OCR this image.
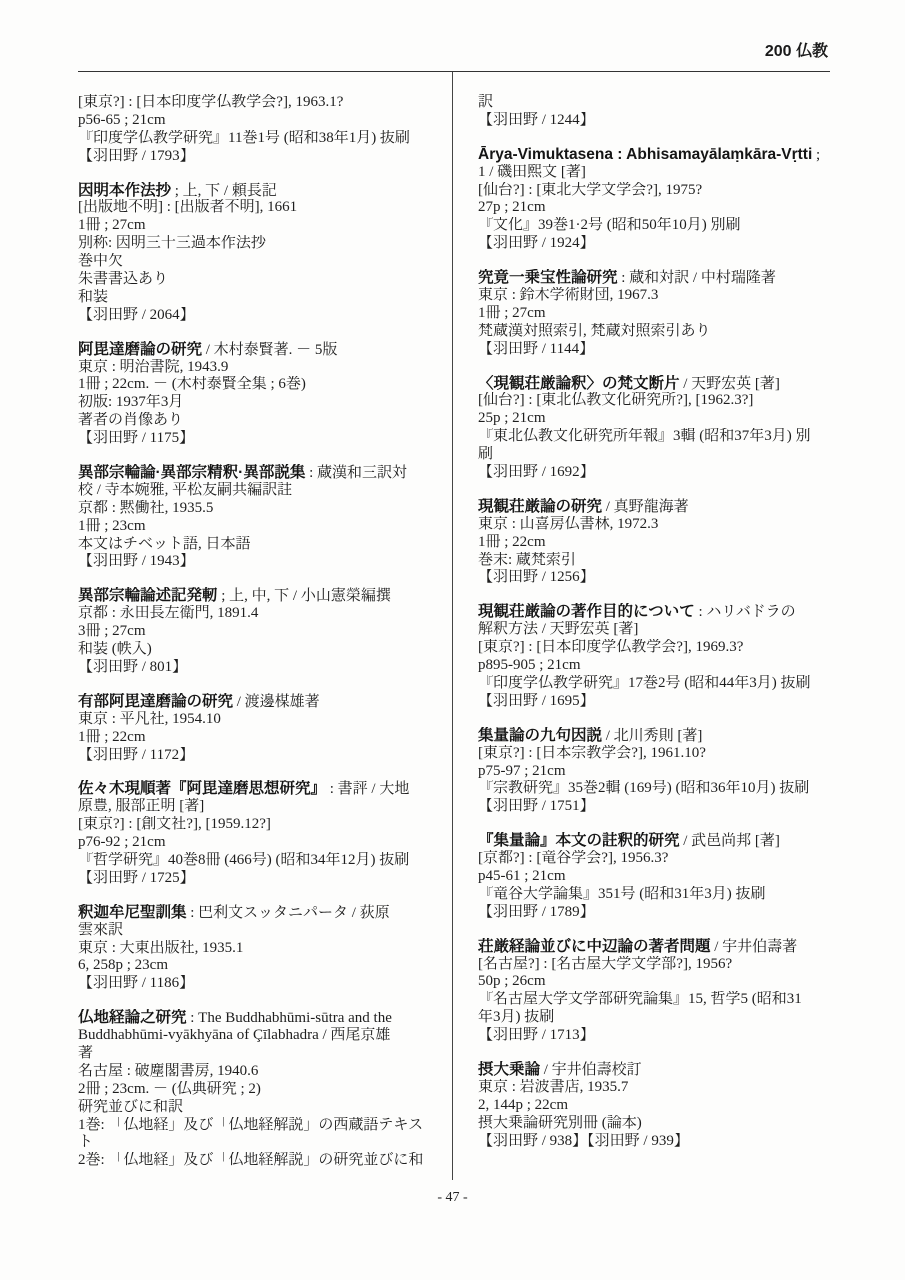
200 仏教
[東京?] : [日本印度学仏教学会?], 1963.1?
p56-65 ; 21cm
『印度学仏教学研究』11巻1号 (昭和38年1月) 抜刷
【羽田野 / 1793】
因明本作法抄 ; 上, 下 / 頼長記
[出版地不明] : [出版者不明], 1661
1冊 ; 27cm
別称: 因明三十三過本作法抄
巻中欠
朱書書込あり
和装
【羽田野 / 2064】
阿毘達磨論の研究 / 木村泰賢著. － 5版
東京 : 明治書院, 1943.9
1冊 ; 22cm. － (木村泰賢全集 ; 6巻)
初版: 1937年3月
著者の肖像あり
【羽田野 / 1175】
異部宗輪論·異部宗精釈·異部説集 : 蔵漢和三訳対
校 / 寺本婉雅, 平松友嗣共編訳註
京都 : 黙働社, 1935.5
1冊 ; 23cm
本文はチベット語, 日本語
【羽田野 / 1943】
異部宗輪論述記発軔 ; 上, 中, 下 / 小山憲榮編撰
京都 : 永田長左衛門, 1891.4
3冊 ; 27cm
和装 (帙入)
【羽田野 / 801】
有部阿毘達磨論の研究 / 渡邊楳雄著
東京 : 平凡社, 1954.10
1冊 ; 22cm
【羽田野 / 1172】
佐々木現順著『阿毘達磨思想研究』 : 書評 / 大地
原豊, 服部正明 [著]
[東京?] : [創文社?], [1959.12?]
p76-92 ; 21cm
『哲学研究』40巻8冊 (466号) (昭和34年12月) 抜刷
【羽田野 / 1725】
釈迦牟尼聖訓集 : 巴利文スッタニパータ / 荻原
雲來訳
東京 : 大東出版社, 1935.1
6, 258p ; 23cm
【羽田野 / 1186】
仏地経論之研究 : The Buddhabhūmi-sūtra and the
Buddhabhūmi-vyākhyāna of Çīlabhadra / 西尾京雄
著
名古屋 : 破塵閣書房, 1940.6
2冊 ; 23cm. － (仏典研究 ; 2)
研究並びに和訳
1巻: 「仏地経」及び「仏地経解説」の西蔵語テキス
ト
2巻: 「仏地経」及び「仏地経解説」の研究並びに和
訳
【羽田野 / 1244】
Ārya-Vimuktasena : Abhisamayālaṃkāra-Vṛtti ;
1 / 磯田熙文 [著]
[仙台?] : [東北大学文学会?], 1975?
27p ; 21cm
『文化』39巻1·2号 (昭和50年10月) 別刷
【羽田野 / 1924】
究竟一乗宝性論研究 : 蔵和対訳 / 中村瑞隆著
東京 : 鈴木学術財団, 1967.3
1冊 ; 27cm
梵蔵漢対照索引, 梵蔵対照索引あり
【羽田野 / 1144】
〈現観荘厳論釈〉の梵文断片 / 天野宏英 [著]
[仙台?] : [東北仏教文化研究所?], [1962.3?]
25p ; 21cm
『東北仏教文化研究所年報』3輯 (昭和37年3月) 別
刷
【羽田野 / 1692】
現観荘厳論の研究 / 真野龍海著
東京 : 山喜房仏書林, 1972.3
1冊 ; 22cm
巻末: 蔵梵索引
【羽田野 / 1256】
現観荘厳論の著作目的について : ハリバドラの
解釈方法 / 天野宏英 [著]
[東京?] : [日本印度学仏教学会?], 1969.3?
p895-905 ; 21cm
『印度学仏教学研究』17巻2号 (昭和44年3月) 抜刷
【羽田野 / 1695】
集量論の九句因説 / 北川秀則 [著]
[東京?] : [日本宗教学会?], 1961.10?
p75-97 ; 21cm
『宗教研究』35巻2輯 (169号) (昭和36年10月) 抜刷
【羽田野 / 1751】
『集量論』本文の註釈的研究 / 武邑尚邦 [著]
[京都?] : [竜谷学会?], 1956.3?
p45-61 ; 21cm
『竜谷大学論集』351号 (昭和31年3月) 抜刷
【羽田野 / 1789】
荘厳経論並びに中辺論の著者問題 / 宇井伯壽著
[名古屋?] : [名古屋大学文学部?], 1956?
50p ; 26cm
『名古屋大学文学部研究論集』15, 哲学5 (昭和31
年3月) 抜刷
【羽田野 / 1713】
摂大乗論 / 宇井伯壽校訂
東京 : 岩波書店, 1935.7
2, 144p ; 22cm
摂大乗論研究別冊 (論本)
【羽田野 / 938】【羽田野 / 939】
- 47 -
